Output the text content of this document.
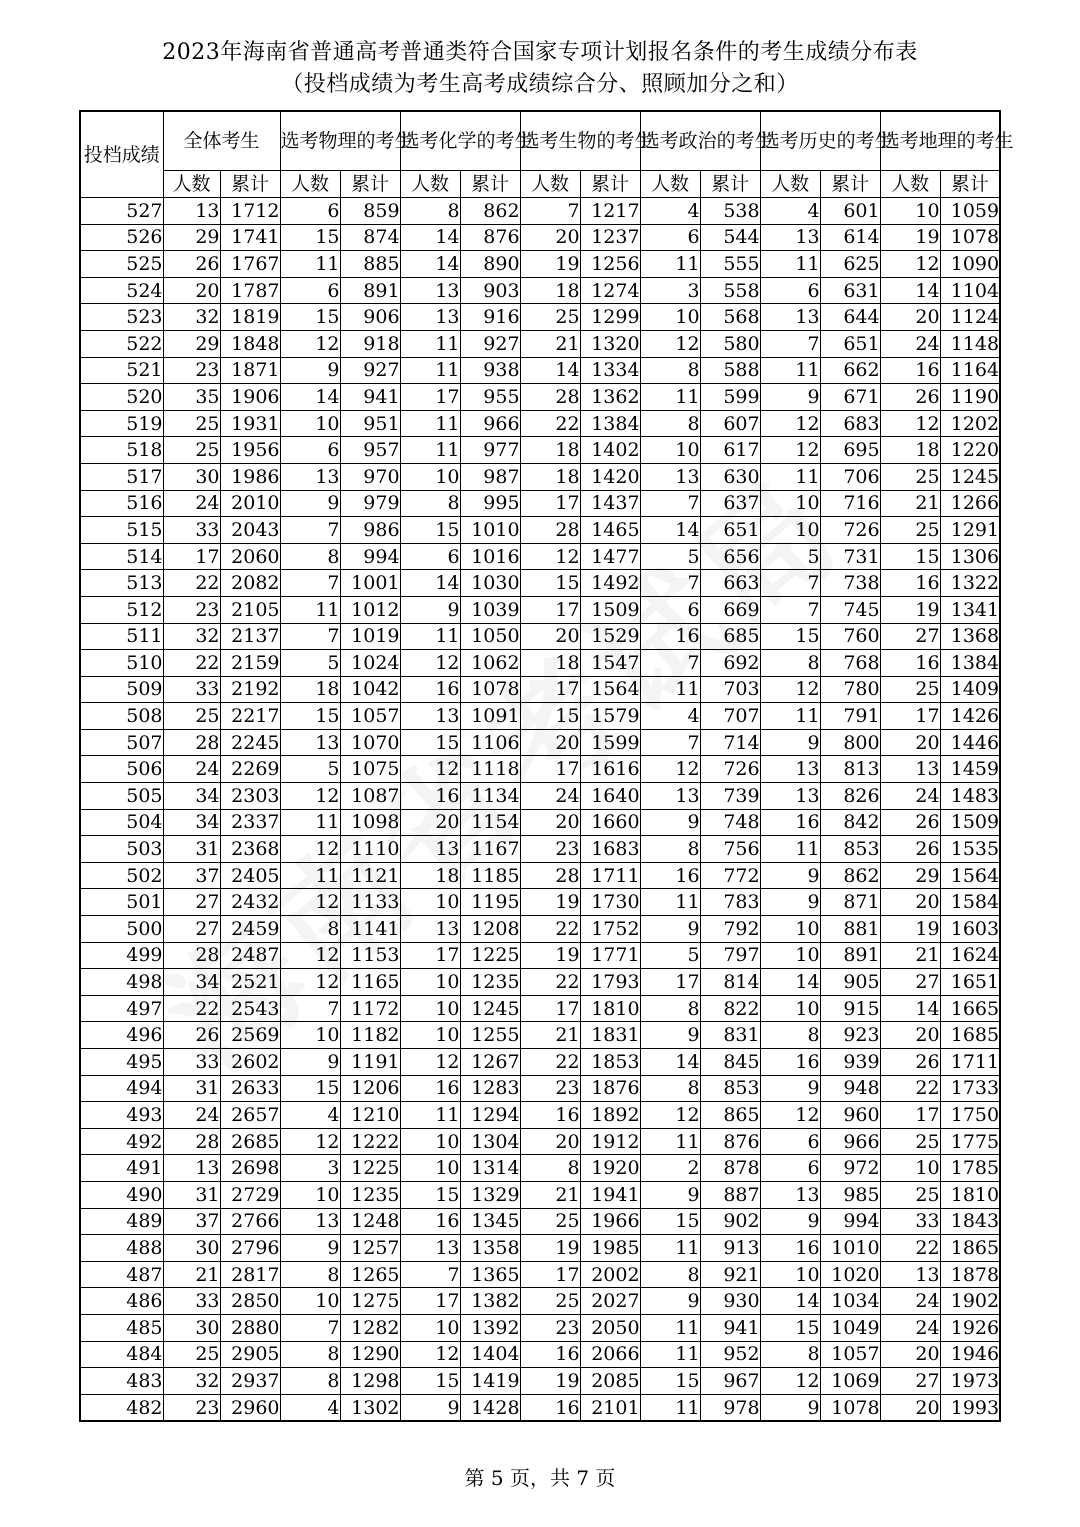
2023年海南省普通高考普通类符合国家专项计划报名条件的考生成绩分布表
（投档成绩为考生高考成绩综合分、照顾加分之和）
投档成绩	全体考生		选考物理的考生		选考化学的考生		选考生物的考生		选考政治的考生		选考历史的考生		选考地理的考生	
	人数	累计	人数	累计	人数	累计	人数	累计	人数	累计	人数	累计	人数	累计
527	13	1712	6	859	8	862	7	1217	4	538	4	601	10	1059
526	29	1741	15	874	14	876	20	1237	6	544	13	614	19	1078
525	26	1767	11	885	14	890	19	1256	11	555	11	625	12	1090
524	20	1787	6	891	13	903	18	1274	3	558	6	631	14	1104
523	32	1819	15	906	13	916	25	1299	10	568	13	644	20	1124
522	29	1848	12	918	11	927	21	1320	12	580	7	651	24	1148
521	23	1871	9	927	11	938	14	1334	8	588	11	662	16	1164
520	35	1906	14	941	17	955	28	1362	11	599	9	671	26	1190
519	25	1931	10	951	11	966	22	1384	8	607	12	683	12	1202
518	25	1956	6	957	11	977	18	1402	10	617	12	695	18	1220
517	30	1986	13	970	10	987	18	1420	13	630	11	706	25	1245
516	24	2010	9	979	8	995	17	1437	7	637	10	716	21	1266
515	33	2043	7	986	15	1010	28	1465	14	651	10	726	25	1291
514	17	2060	8	994	6	1016	12	1477	5	656	5	731	15	1306
513	22	2082	7	1001	14	1030	15	1492	7	663	7	738	16	1322
512	23	2105	11	1012	9	1039	17	1509	6	669	7	745	19	1341
511	32	2137	7	1019	11	1050	20	1529	16	685	15	760	27	1368
510	22	2159	5	1024	12	1062	18	1547	7	692	8	768	16	1384
509	33	2192	18	1042	16	1078	17	1564	11	703	12	780	25	1409
508	25	2217	15	1057	13	1091	15	1579	4	707	11	791	17	1426
507	28	2245	13	1070	15	1106	20	1599	7	714	9	800	20	1446
506	24	2269	5	1075	12	1118	17	1616	12	726	13	813	13	1459
505	34	2303	12	1087	16	1134	24	1640	13	739	13	826	24	1483
504	34	2337	11	1098	20	1154	20	1660	9	748	16	842	26	1509
503	31	2368	12	1110	13	1167	23	1683	8	756	11	853	26	1535
502	37	2405	11	1121	18	1185	28	1711	16	772	9	862	29	1564
501	27	2432	12	1133	10	1195	19	1730	11	783	9	871	20	1584
500	27	2459	8	1141	13	1208	22	1752	9	792	10	881	19	1603
499	28	2487	12	1153	17	1225	19	1771	5	797	10	891	21	1624
498	34	2521	12	1165	10	1235	22	1793	17	814	14	905	27	1651
497	22	2543	7	1172	10	1245	17	1810	8	822	10	915	14	1665
496	26	2569	10	1182	10	1255	21	1831	9	831	8	923	20	1685
495	33	2602	9	1191	12	1267	22	1853	14	845	16	939	26	1711
494	31	2633	15	1206	16	1283	23	1876	8	853	9	948	22	1733
493	24	2657	4	1210	11	1294	16	1892	12	865	12	960	17	1750
492	28	2685	12	1222	10	1304	20	1912	11	876	6	966	25	1775
491	13	2698	3	1225	10	1314	8	1920	2	878	6	972	10	1785
490	31	2729	10	1235	15	1329	21	1941	9	887	13	985	25	1810
489	37	2766	13	1248	16	1345	25	1966	15	902	9	994	33	1843
488	30	2796	9	1257	13	1358	19	1985	11	913	16	1010	22	1865
487	21	2817	8	1265	7	1365	17	2002	8	921	10	1020	13	1878
486	33	2850	10	1275	17	1382	25	2027	9	930	14	1034	24	1902
485	30	2880	7	1282	10	1392	23	2050	11	941	15	1049	24	1926
484	25	2905	8	1290	12	1404	16	2066	11	952	8	1057	20	1946
483	32	2937	8	1298	15	1419	19	2085	15	967	12	1069	27	1973
482	23	2960	4	1302	9	1428	16	2101	11	978	9	1078	20	1993
第 5 页，共 7 页
